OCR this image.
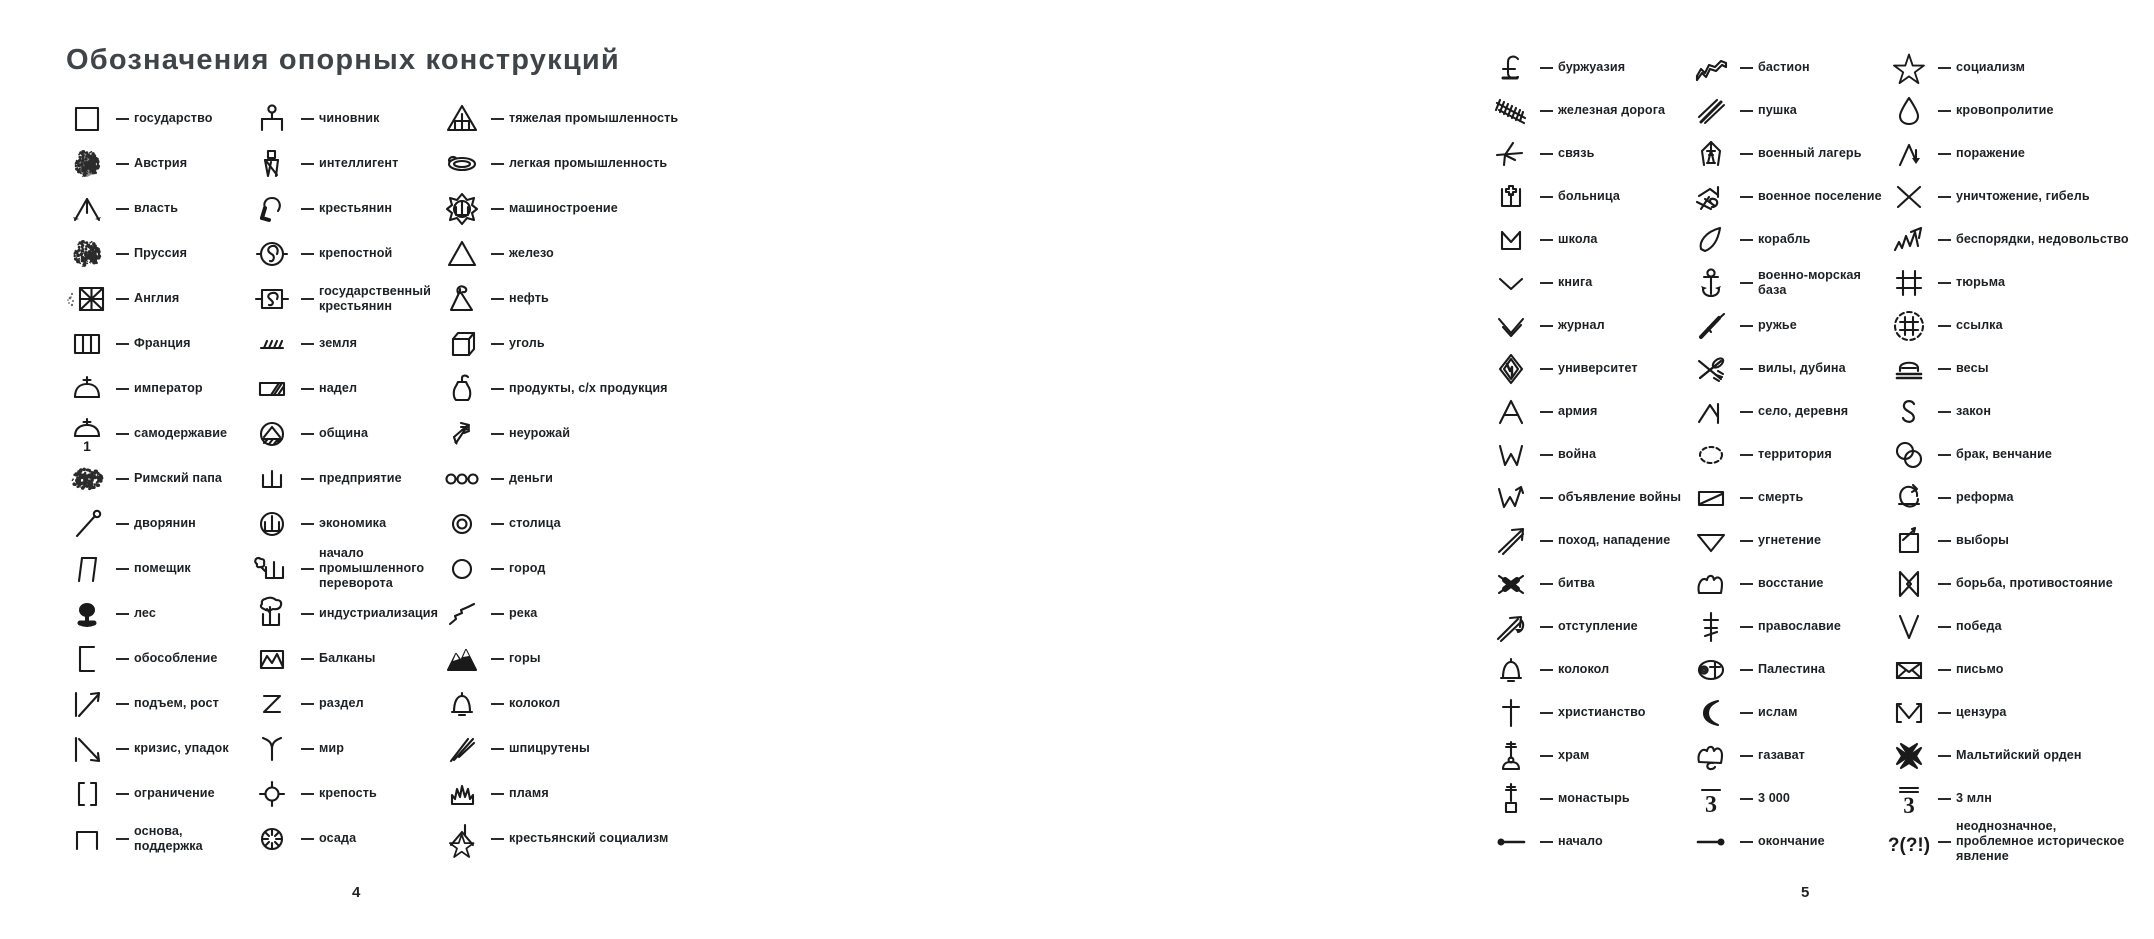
Обозначения опорных конструкций
государство
Австрия
власть
Пруссия
Англия
Франция
император
1
самодержавие
Римский папа
дворянин
помещик
лес
обособление
подъем, рост
кризис, упадок
ограничение
основа, поддержка
чиновник
интеллигент
крестьянин
крепостной
государственный
крестьянин
земля
надел
община
предприятие
экономика
начало
промышленного
переворота
индустриализация
Балканы
раздел
мир
крепость
осада
тяжелая промышленность
легкая промышленность
машиностроение
железо
нефть
уголь
продукты, с/х продукция
неурожай
деньги
столица
город
река
горы
колокол
шпицрутены
пламя
крестьянский социализм
4
буржуазия
железная дорога
связь
больница
школа
книга
журнал
университет
армия
война
объявление войны
поход, нападение
битва
отступление
колокол
христианство
храм
монастырь
начало
бастион
пушка
военный лагерь
военное поселение
корабль
военно-морская база
ружье
вилы, дубина
село, деревня
территория
смерть
угнетение
восстание
православие
Палестина
ислам
газават
3	3 000
окончание
социализм
кровопролитие
поражение
уничтожение, гибель
беспорядки, недовольство
тюрьма
ссылка
весы
закон
брак, венчание
реформа
выборы
борьба, противостояние
победа
письмо
цензура
Мальтийский орден
3	3 млн
?(?!)
неоднозначное,
проблемное историческое
явление
5
